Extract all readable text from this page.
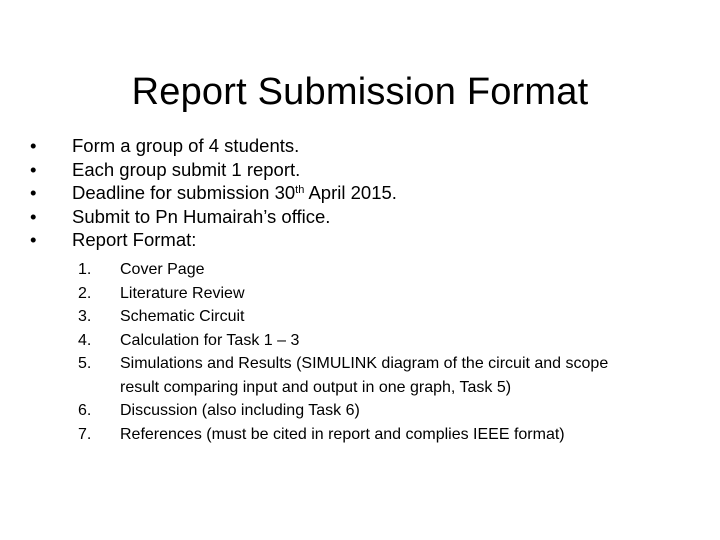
Report Submission Format
• Form a group of 4 students.
• Each group submit 1 report.
• Deadline for submission 30th April 2015.
• Submit to Pn Humairah’s office.
• Report Format:
1.	Cover Page
2.	Literature Review
3.	Schematic Circuit
4.	Calculation for Task 1 – 3
5.	Simulations and Results (SIMULINK diagram of the circuit and scope
result comparing input and output in one graph, Task 5)
6.	Discussion (also including Task 6)
7.	References (must be cited in report and complies IEEE format)
